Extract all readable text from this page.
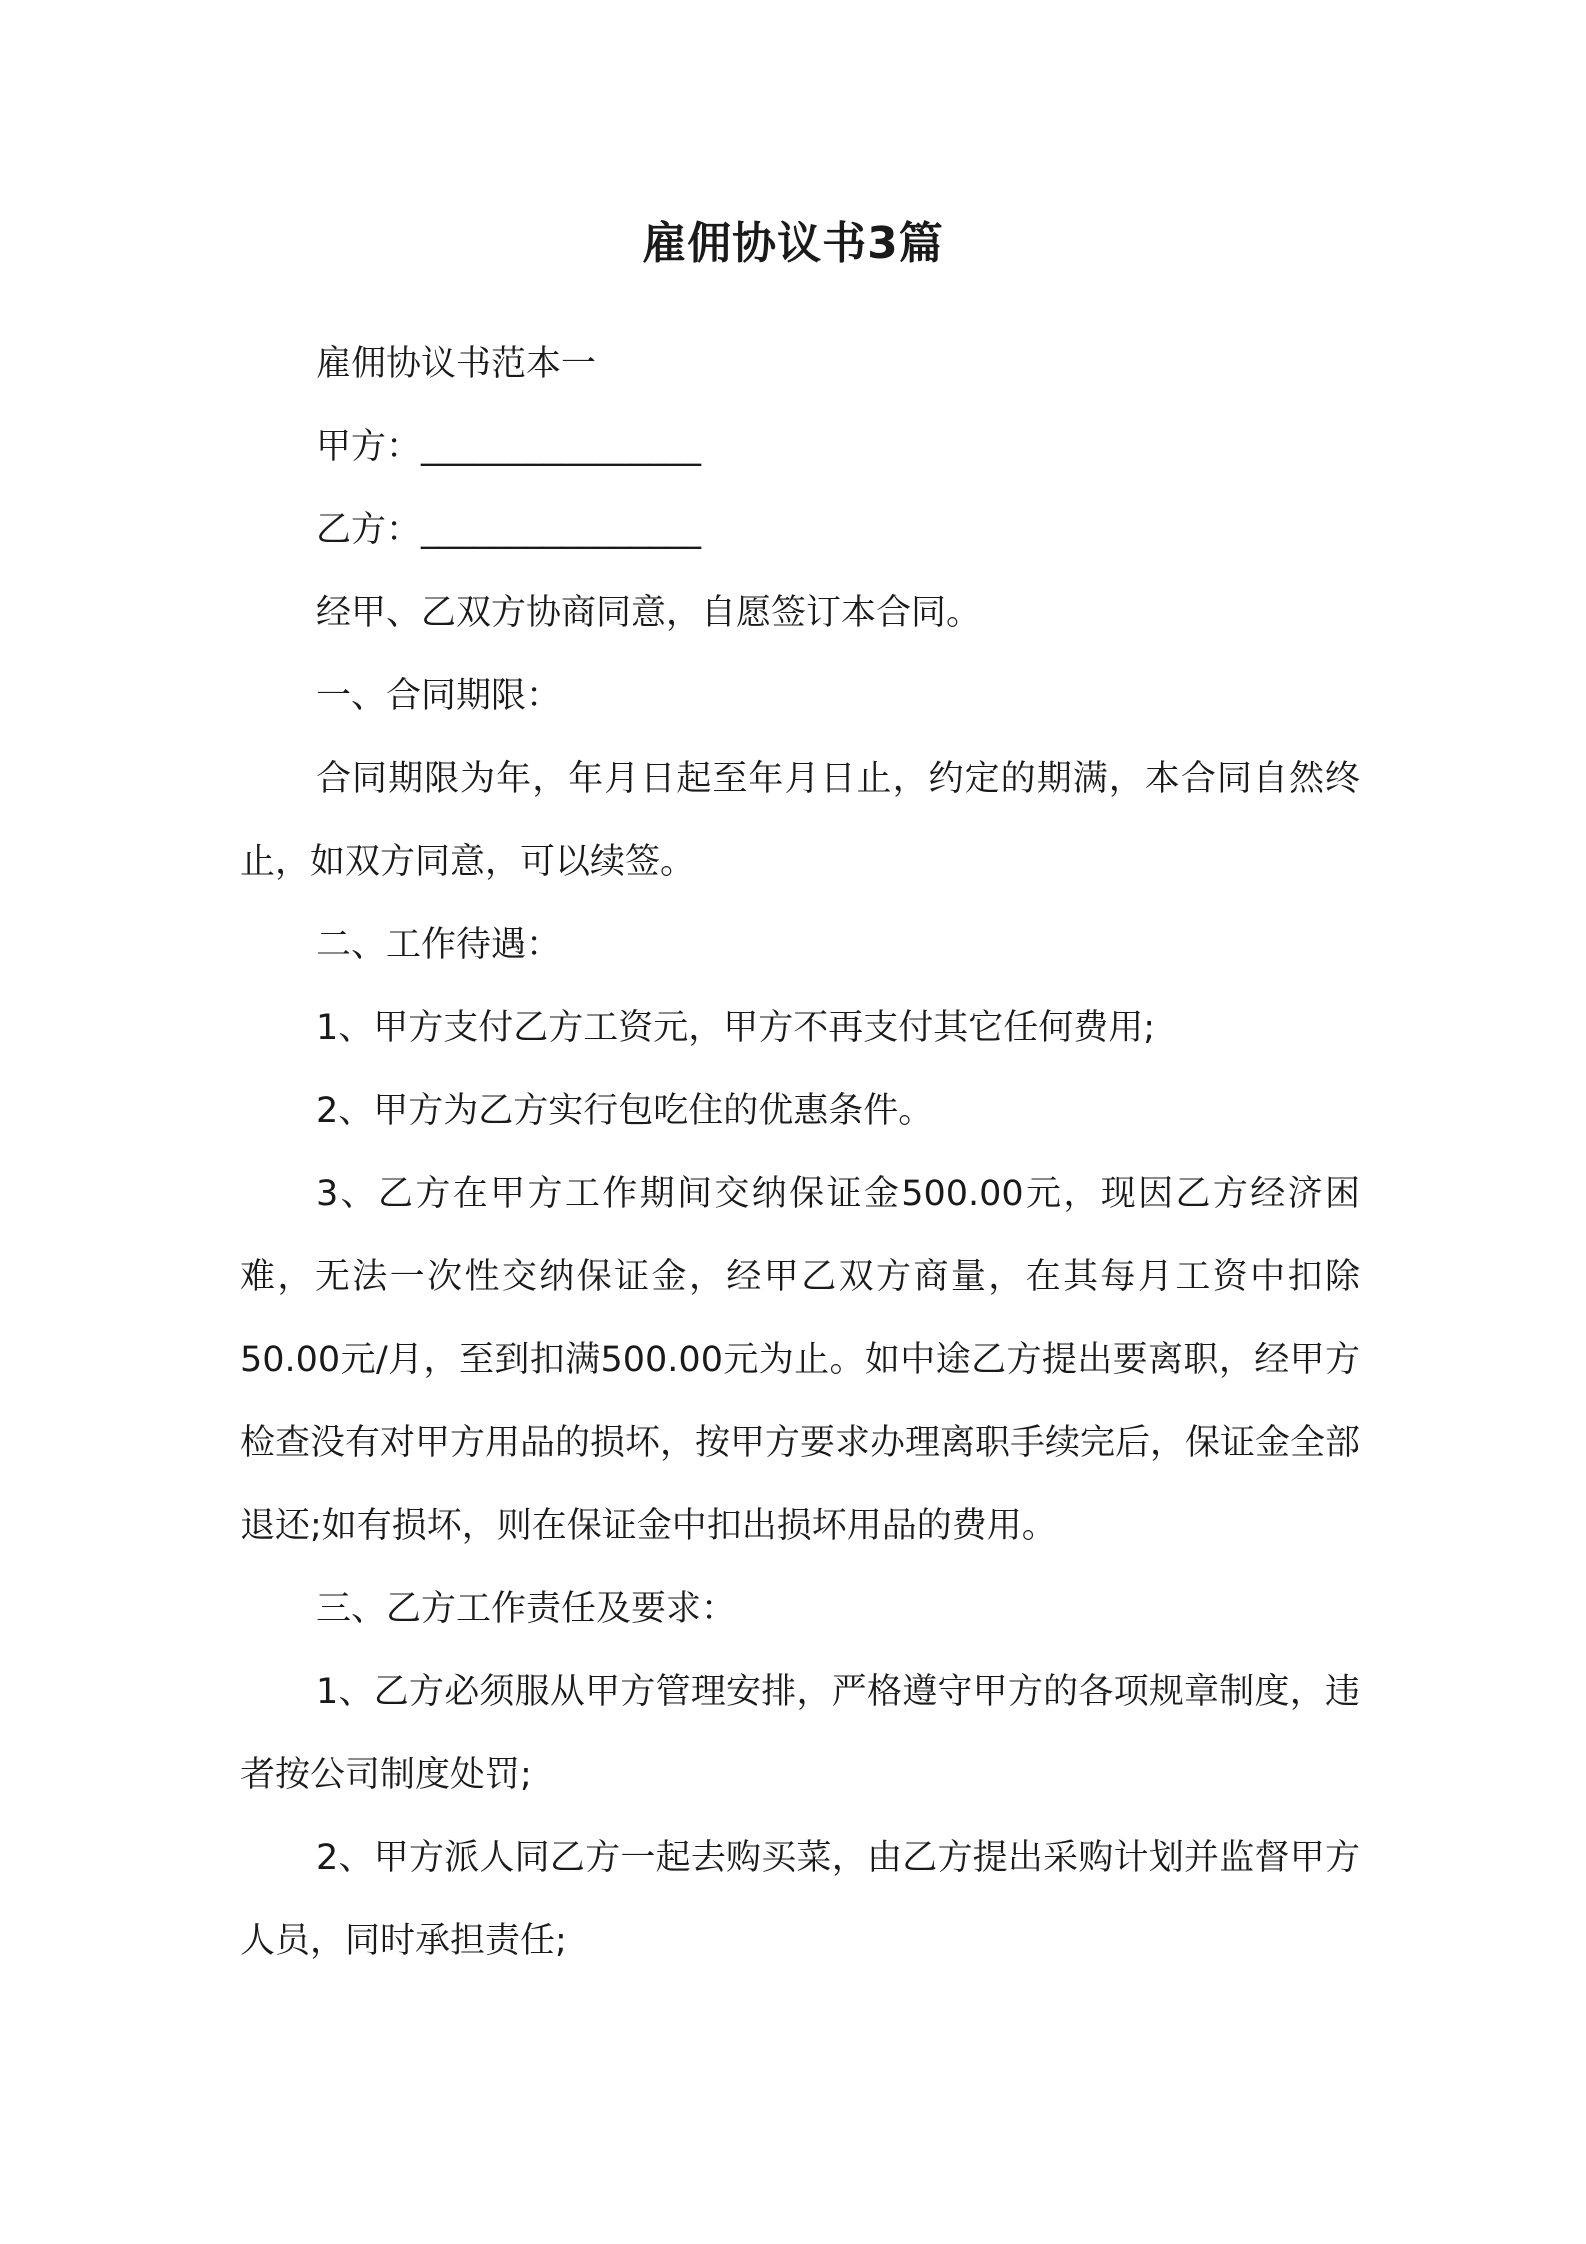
雇佣协议书3篇

雇佣协议书范本一

甲方：________________

乙方：________________

经甲、乙双方协商同意，自愿签订本合同。

一、合同期限：

合同期限为年，年月日起至年月日止，约定的期满，本合同自然终止，如双方同意，可以续签。

二、工作待遇：

1、甲方支付乙方工资元，甲方不再支付其它任何费用;

2、甲方为乙方实行包吃住的优惠条件。

3、乙方在甲方工作期间交纳保证金500.00元，现因乙方经济困难，无法一次性交纳保证金，经甲乙双方商量，在其每月工资中扣除50.00元/月，至到扣满500.00元为止。如中途乙方提出要离职，经甲方检查没有对甲方用品的损坏，按甲方要求办理离职手续完后，保证金全部退还;如有损坏，则在保证金中扣出损坏用品的费用。

三、乙方工作责任及要求：

1、乙方必须服从甲方管理安排，严格遵守甲方的各项规章制度，违者按公司制度处罚;

2、甲方派人同乙方一起去购买菜，由乙方提出采购计划并监督甲方人员，同时承担责任;
